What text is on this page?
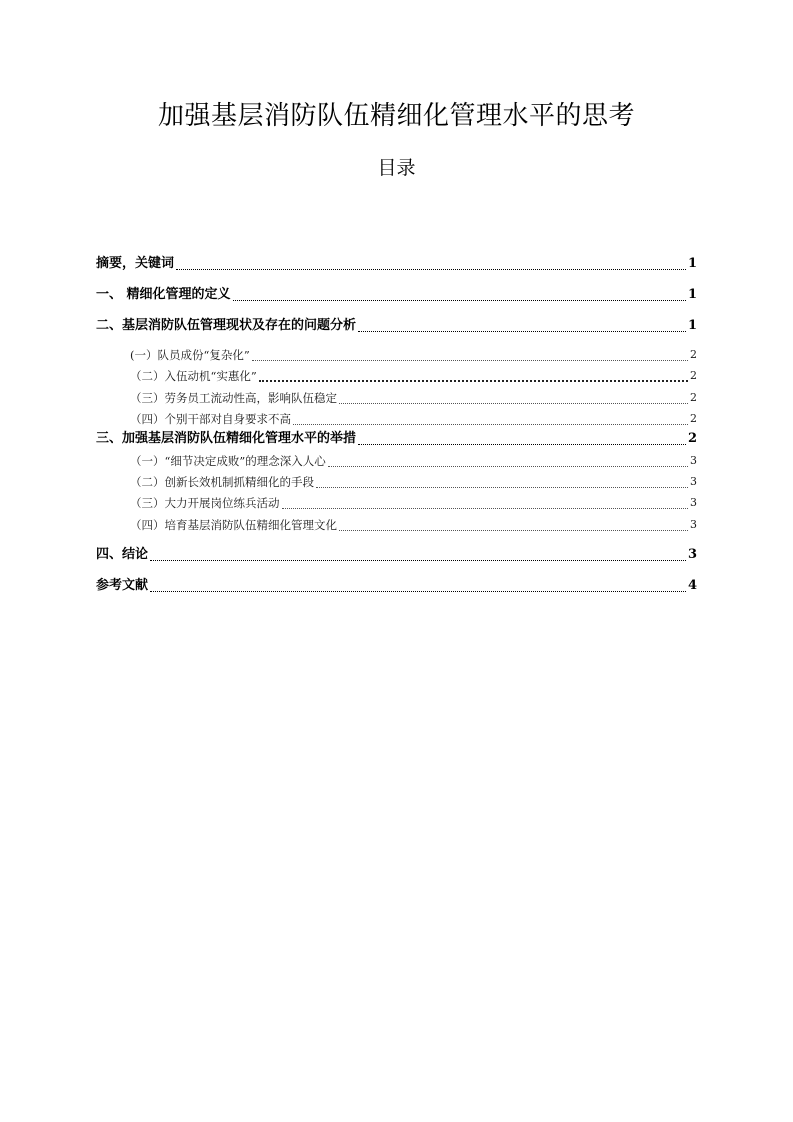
加强基层消防队伍精细化管理水平的思考
目录
摘要，关键词	1
一、 精细化管理的定义	1
二、基层消防队伍管理现状及存在的问题分析	1
(一）队员成份“复杂化”	2
（二）入伍动机“实惠化”	2
（三）劳务员工流动性高，影响队伍稳定	2
（四）个别干部对自身要求不高	2
三、加强基层消防队伍精细化管理水平的举措	2
（一）“细节决定成败”的理念深入人心	3
（二）创新长效机制抓精细化的手段	3
（三）大力开展岗位练兵活动	3
（四）培育基层消防队伍精细化管理文化	3
四、结论	3
参考文献	4
